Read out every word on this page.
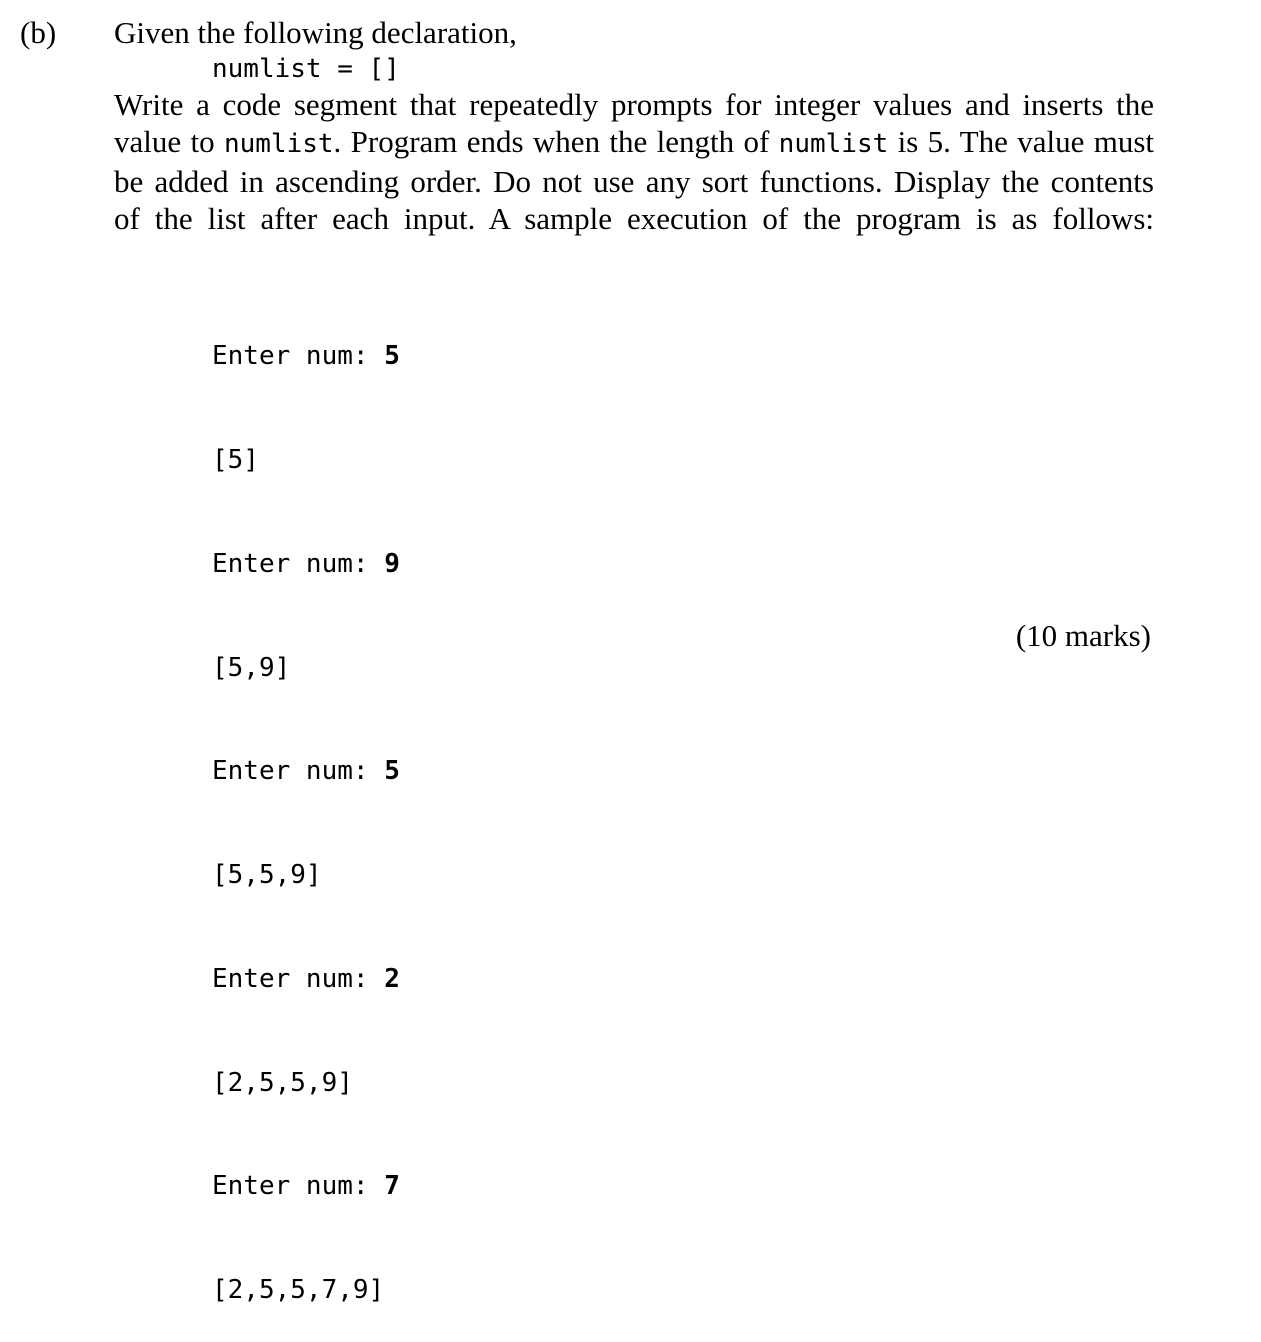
(b) Given the following declaration,
numlist = []
Write a code segment that repeatedly prompts for integer values and inserts the
value to numlist. Program ends when the length of numlist is 5. The value must
be added in ascending order. Do not use any sort functions. Display the contents
of the list after each input. A sample execution of the program is as follows:

Enter num: 5

[5]

Enter num: 9

[5,9]

Enter num: 5

[5,5,9]

Enter num: 2

[2,5,5,9]

Enter num: 7

[2,5,5,7,9]

(10 marks)
